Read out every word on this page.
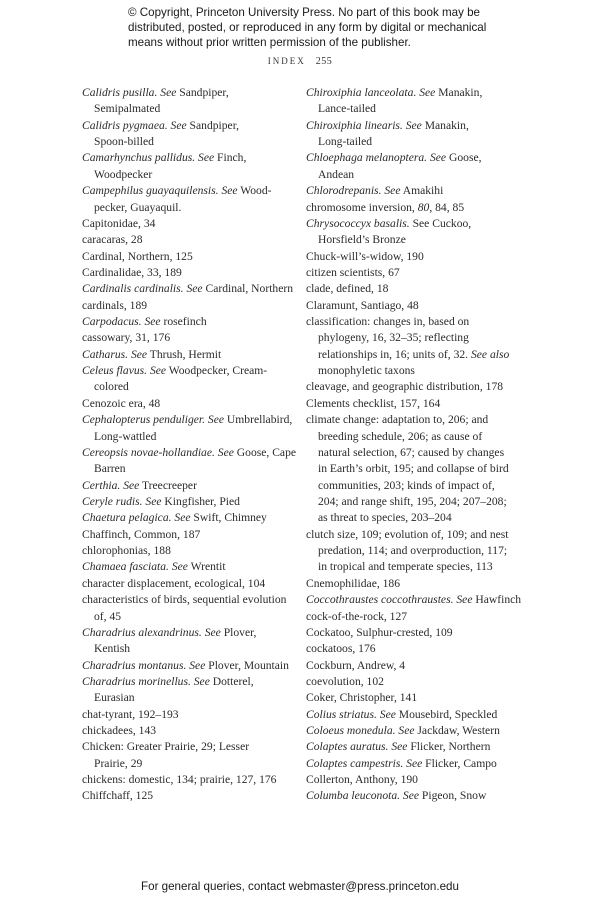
© Copyright, Princeton University Press. No part of this book may be
distributed, posted, or reproduced in any form by digital or mechanical
means without prior written permission of the publisher.
INDEX 255
Calidris pusilla. See Sandpiper,
Semipalmated
Calidris pygmaea. See Sandpiper,
Spoon-billed
Camarhynchus pallidus. See Finch,
Woodpecker
Campephilus guayaquilensis. See Wood-
pecker, Guayaquil.
Capitonidae, 34
caracaras, 28
Cardinal, Northern, 125
Cardinalidae, 33, 189
Cardinalis cardinalis. See Cardinal, Northern
cardinals, 189
Carpodacus. See rosefinch
cassowary, 31, 176
Catharus. See Thrush, Hermit
Celeus flavus. See Woodpecker, Cream-
colored
Cenozoic era, 48
Cephalopterus penduliger. See Umbrellabird,
Long-wattled
Cereopsis novae-hollandiae. See Goose, Cape
Barren
Certhia. See Treecreeper
Ceryle rudis. See Kingfisher, Pied
Chaetura pelagica. See Swift, Chimney
Chaffinch, Common, 187
chlorophonias, 188
Chamaea fasciata. See Wrentit
character displacement, ecological, 104
characteristics of birds, sequential evolution
of, 45
Charadrius alexandrinus. See Plover,
Kentish
Charadrius montanus. See Plover, Mountain
Charadrius morinellus. See Dotterel,
Eurasian
chat-tyrant, 192–193
chickadees, 143
Chicken: Greater Prairie, 29; Lesser
Prairie, 29
chickens: domestic, 134; prairie, 127, 176
Chiffchaff, 125
Chiroxiphia lanceolata. See Manakin,
Lance-tailed
Chiroxiphia linearis. See Manakin,
Long-tailed
Chloephaga melanoptera. See Goose,
Andean
Chlorodrepanis. See Amakihi
chromosome inversion, 80, 84, 85
Chrysococcyx basalis. See Cuckoo,
Horsfield’s Bronze
Chuck-will’s-widow, 190
citizen scientists, 67
clade, defined, 18
Claramunt, Santiago, 48
classification: changes in, based on
phylogeny, 16, 32–35; reflecting
relationships in, 16; units of, 32. See also
monophyletic taxons
cleavage, and geographic distribution, 178
Clements checklist, 157, 164
climate change: adaptation to, 206; and
breeding schedule, 206; as cause of
natural selection, 67; caused by changes
in Earth’s orbit, 195; and collapse of bird
communities, 203; kinds of impact of,
204; and range shift, 195, 204; 207–208;
as threat to species, 203–204
clutch size, 109; evolution of, 109; and nest
predation, 114; and overproduction, 117;
in tropical and temperate species, 113
Cnemophilidae, 186
Coccothraustes coccothraustes. See Hawfinch
cock-of-the-rock, 127
Cockatoo, Sulphur-crested, 109
cockatoos, 176
Cockburn, Andrew, 4
coevolution, 102
Coker, Christopher, 141
Colius striatus. See Mousebird, Speckled
Coloeus monedula. See Jackdaw, Western
Colaptes auratus. See Flicker, Northern
Colaptes campestris. See Flicker, Campo
Collerton, Anthony, 190
Columba leuconota. See Pigeon, Snow
For general queries, contact webmaster@press.princeton.edu
